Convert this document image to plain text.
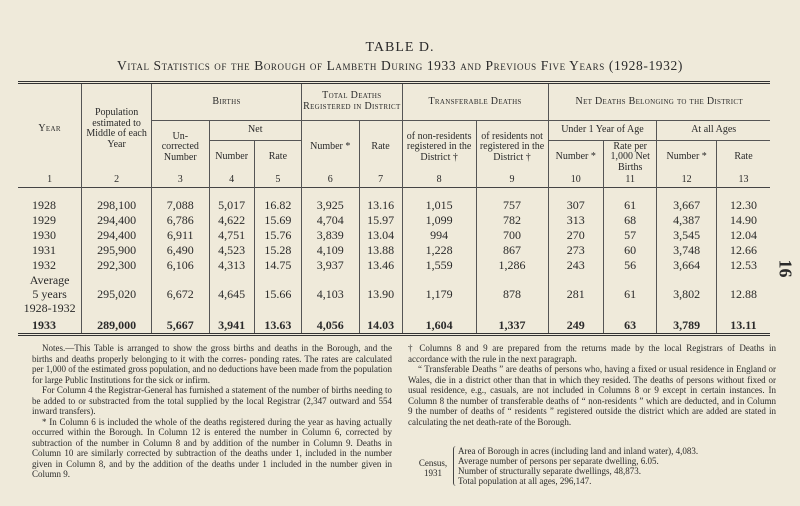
TABLE D.
Vital Statistics of the Borough of Lambeth During 1933 and Previous Five Years (1928-1932)
16

Year	Population estimated to Middle of each Year	Births			Total Deaths Registered in District		Transferable Deaths		Net Deaths Belonging to the District			
		Un- corrected Number	Net		Number *	Rate	of non-residents registered in the District †	of residents not registered in the District †	Under 1 Year of Age		At all Ages	
			Number	Rate					Number *	Rate per 1,000 Net Births	Number *	Rate
1	2	3	4	5	6	7	8	9	10	11	12	13

1928	298,100	7,088	5,017	16.82	3,925	13.16	1,015	757	307	61	3,667	12.30
1929	294,400	6,786	4,622	15.69	4,704	15.97	1,099	782	313	68	4,387	14.90
1930	294,400	6,911	4,751	15.76	3,839	13.04	994	700	270	57	3,545	12.04
1931	295,900	6,490	4,523	15.28	4,109	13.88	1,228	867	273	60	3,748	12.66
1932	292,300	6,106	4,313	14.75	3,937	13.46	1,559	1,286	243	56	3,664	12.53

Average
5 years
1928-1932	295,020	6,672	4,645	15.66	4,103	13.90	1,179	878	281	61	3,802	12.88
1933	289,000	5,667	3,941	13.63	4,056	14.03	1,604	1,337	249	63	3,789	13.11

Notes.—This Table is arranged to show the gross births and deaths in the Borough, and the births and deaths properly belonging to it with the corres- ponding rates. The rates are calculated per 1,000 of the estimated gross population, and no deductions have been made from the population for large Public Institutions for the sick or infirm.

For Column 4 the Registrar-General has furnished a statement of the number of births needing to be added to or substracted from the total supplied by the local Registrar (2,347 outward and 554 inward transfers).

* In Column 6 is included the whole of the deaths registered during the year as having actually occurred within the Borough. In Column 12 is entered the number in Column 6, corrected by subtraction of the number in Column 8 and by addition of the number in Column 9. Deaths in Column 10 are similarly corrected by subtraction of the deaths under 1, included in the number given in Column 8, and by the addition of the deaths under 1 included in the number given in Column 9.

† Columns 8 and 9 are prepared from the returns made by the local Registrars of Deaths in accordance with the rule in the next paragraph.

“ Transferable Deaths ” are deaths of persons who, having a fixed or usual residence in England or Wales, die in a district other than that in which they resided. The deaths of persons without fixed or usual residence, e.g., casuals, are not included in Columns 8 or 9 except in certain instances. In Column 8 the number of transferable deaths of “ non-residents ” which are deducted, and in Column 9 the number of deaths of “ residents ” registered outside the district which are added are stated in calculating the net death-rate of the Borough.

Census,
1931
Area of Borough in acres (including land and inland water), 4,083.
Average number of persons per separate dwelling, 6.05.
Number of structurally separate dwellings, 48,873.
Total population at all ages, 296,147.
